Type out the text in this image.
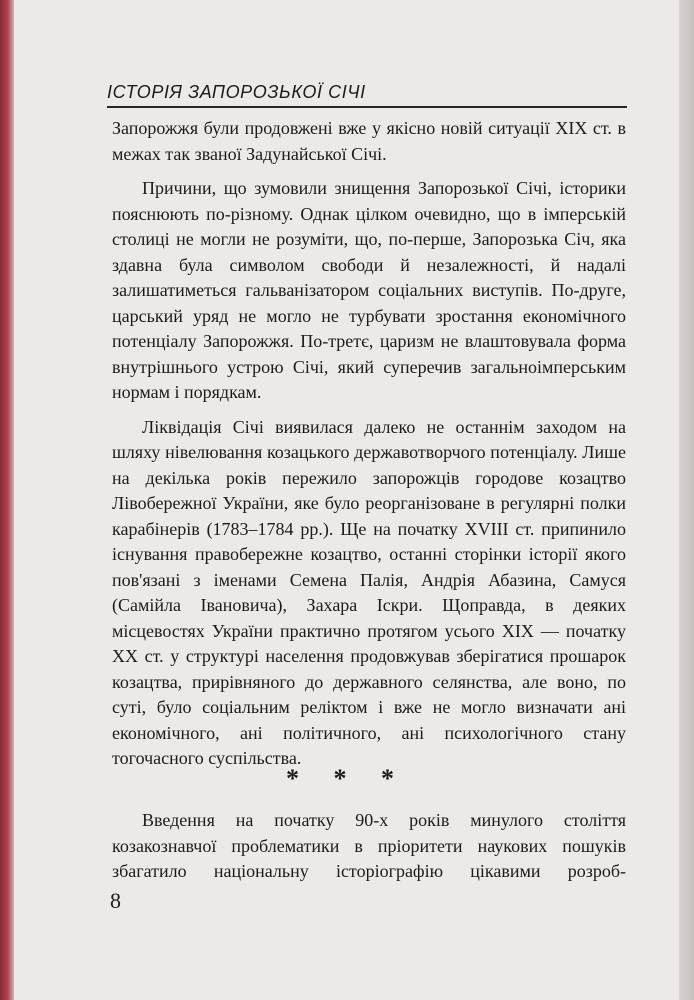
ІСТОРІЯ ЗАПОРОЗЬКОЇ СІЧІ

Запорожжя були продовжені вже у якісно новій ситуації XIX ст. в межах так званої Задунайської Січі.

Причини, що зумовили знищення Запорозької Січі, історики пояснюють по-різному. Однак цілком очевидно, що в імперській столиці не могли не розуміти, що, по-перше, Запорозька Січ, яка здавна була символом свободи й незалежності, й надалі залишатиметься гальванізатором соціальних виступів. По-друге, царський уряд не могло не турбувати зростання економічного потенціалу Запорожжя. По-третє, царизм не влаштовувала форма внутрішнього устрою Січі, який суперечив загальноімперським нормам і порядкам.

Ліквідація Січі виявилася далеко не останнім заходом на шляху нівелювання козацького державотворчого потенціалу. Лише на декілька років пережило запорожців городове козацтво Лівобережної України, яке було реорганізоване в регулярні полки карабінерів (1783–1784 рр.). Ще на початку XVIII ст. припинило існування правобережне козацтво, останні сторінки історії якого пов'язані з іменами Семена Палія, Андрія Абазина, Самуся (Самійла Івановича), Захара Іскри. Щоправда, в деяких місцевостях України практично протягом усього XIX — початку XX ст. у структурі населення продовжував зберігатися прошарок козацтва, прирівняного до державного селянства, але воно, по суті, було соціальним реліктом і вже не могло визначати ані економічного, ані політичного, ані психологічного стану тогочасного суспільства.

* * *

Введення на початку 90-х років минулого століття козакознавчої проблематики в пріоритети наукових пошуків збагатило національну історіографію цікавими розроб-

8
